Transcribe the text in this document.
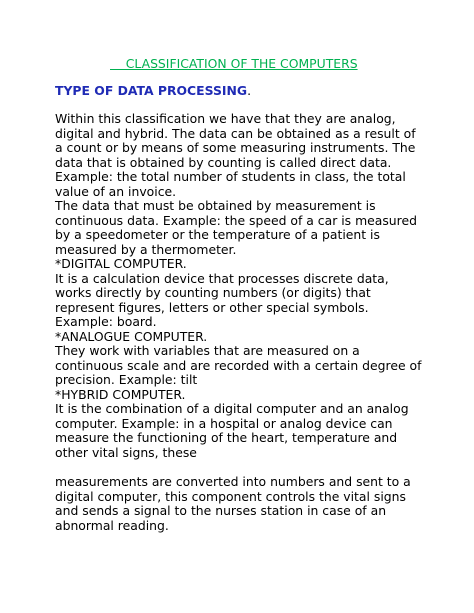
CLASSIFICATION OF THE COMPUTERS
TYPE OF DATA PROCESSING.

Within this classification we have that they are analog, digital and hybrid. The data can be obtained as a result of a count or by means of some measuring instruments. The data that is obtained by counting is called direct data. Example: the total number of students in class, the total value of an invoice.

The data that must be obtained by measurement is continuous data. Example: the speed of a car is measured by a speedometer or the temperature of a patient is measured by a thermometer.

*DIGITAL COMPUTER.

It is a calculation device that processes discrete data, works directly by counting numbers (or digits) that represent figures, letters or other special symbols. Example: board.

*ANALOGUE COMPUTER.

They work with variables that are measured on a continuous scale and are recorded with a certain degree of precision. Example: tilt

*HYBRID COMPUTER.

It is the combination of a digital computer and an analog computer. Example: in a hospital or analog device can measure the functioning of the heart, temperature and other vital signs, these

measurements are converted into numbers and sent to a digital computer, this component controls the vital signs and sends a signal to the nurses station in case of an abnormal reading.
